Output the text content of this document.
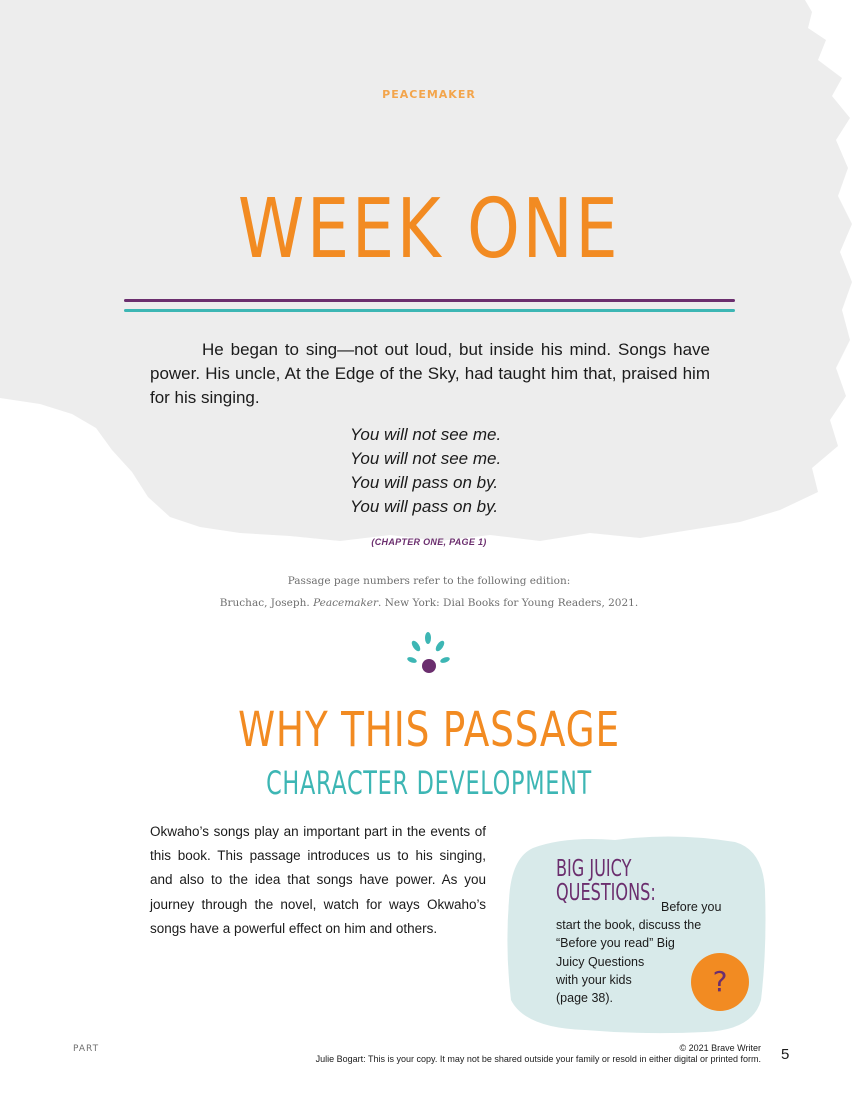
PEACEMAKER
WEEK ONE
He began to sing—not out loud, but inside his mind. Songs have power. His uncle, At the Edge of the Sky, had taught him that, praised him for his singing.
You will not see me.
You will not see me.
You will pass on by.
You will pass on by.
(CHAPTER ONE, PAGE 1)
Passage page numbers refer to the following edition:
Bruchac, Joseph. Peacemaker. New York: Dial Books for Young Readers, 2021.
WHY THIS PASSAGE
CHARACTER DEVELOPMENT
Okwaho’s songs play an important part in the events of this book. This passage introduces us to his singing, and also to the idea that songs have power. As you journey through the novel, watch for ways Okwaho’s songs have a powerful effect on him and others.
BIG JUICY
QUESTIONS:
Before you
start the book, discuss the
“Before you read” Big
Juicy Questions
with your kids
(page 38).
?
PART	© 2021 Brave Writer
Julie Bogart: This is your copy. It may not be shared outside your family or resold in either digital or printed form. 5
